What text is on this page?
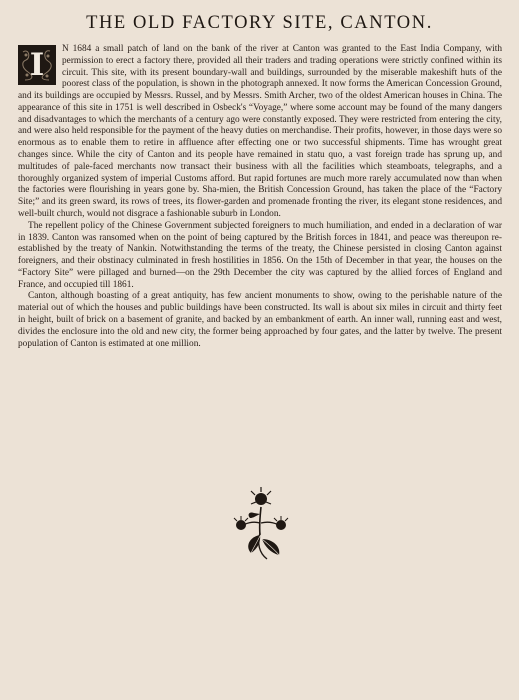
THE OLD FACTORY SITE, CANTON.

I	N 1684 a small patch of land on the bank of the river at Canton was granted to the East India Company, with permission to erect a factory there, provided all their traders and trading operations were strictly confined within its circuit. This site, with its present boundary-wall and buildings, surrounded by the miserable makeshift huts of the poorest class of the population, is shown in the photograph annexed. It now forms the American Concession Ground, and its buildings are occupied by Messrs. Russel, and by Messrs. Smith Archer, two of the oldest American houses in China. The appearance of this site in 1751 is well described in Osbeck's “Voyage,” where some account may be found of the many dangers and disadvantages to which the merchants of a century ago were constantly exposed. They were restricted from entering the city, and were also held responsible for the payment of the heavy duties on merchandise. Their profits, however, in those days were so enormous as to enable them to retire in affluence after effecting one or two successful shipments. Time has wrought great changes since. While the city of Canton and its people have remained in statu quo, a vast foreign trade has sprung up, and multitudes of pale-faced merchants now transact their business with all the facilities which steamboats, telegraphs, and a thoroughly organized system of imperial Customs afford. But rapid fortunes are much more rarely accumulated now than when the factories were flourishing in years gone by. Sha-mien, the British Concession Ground, has taken the place of the “Factory Site;” and its green sward, its rows of trees, its flower-garden and promenade fronting the river, its elegant stone residences, and well-built church, would not disgrace a fashionable suburb in London.

The repellent policy of the Chinese Government subjected foreigners to much humiliation, and ended in a declaration of war in 1839. Canton was ransomed when on the point of being captured by the British forces in 1841, and peace was thereupon re-established by the treaty of Nankin. Notwithstanding the terms of the treaty, the Chinese persisted in closing Canton against foreigners, and their obstinacy culminated in fresh hostilities in 1856. On the 15th of December in that year, the houses on the “Factory Site” were pillaged and burned—on the 29th December the city was captured by the allied forces of England and France, and occupied till 1861.

Canton, although boasting of a great antiquity, has few ancient monuments to show, owing to the perishable nature of the material out of which the houses and public buildings have been constructed. Its wall is about six miles in circuit and thirty feet in height, built of brick on a basement of granite, and backed by an embankment of earth. An inner wall, running east and west, divides the enclosure into the old and new city, the former being approached by four gates, and the latter by twelve. The present population of Canton is estimated at one million.
